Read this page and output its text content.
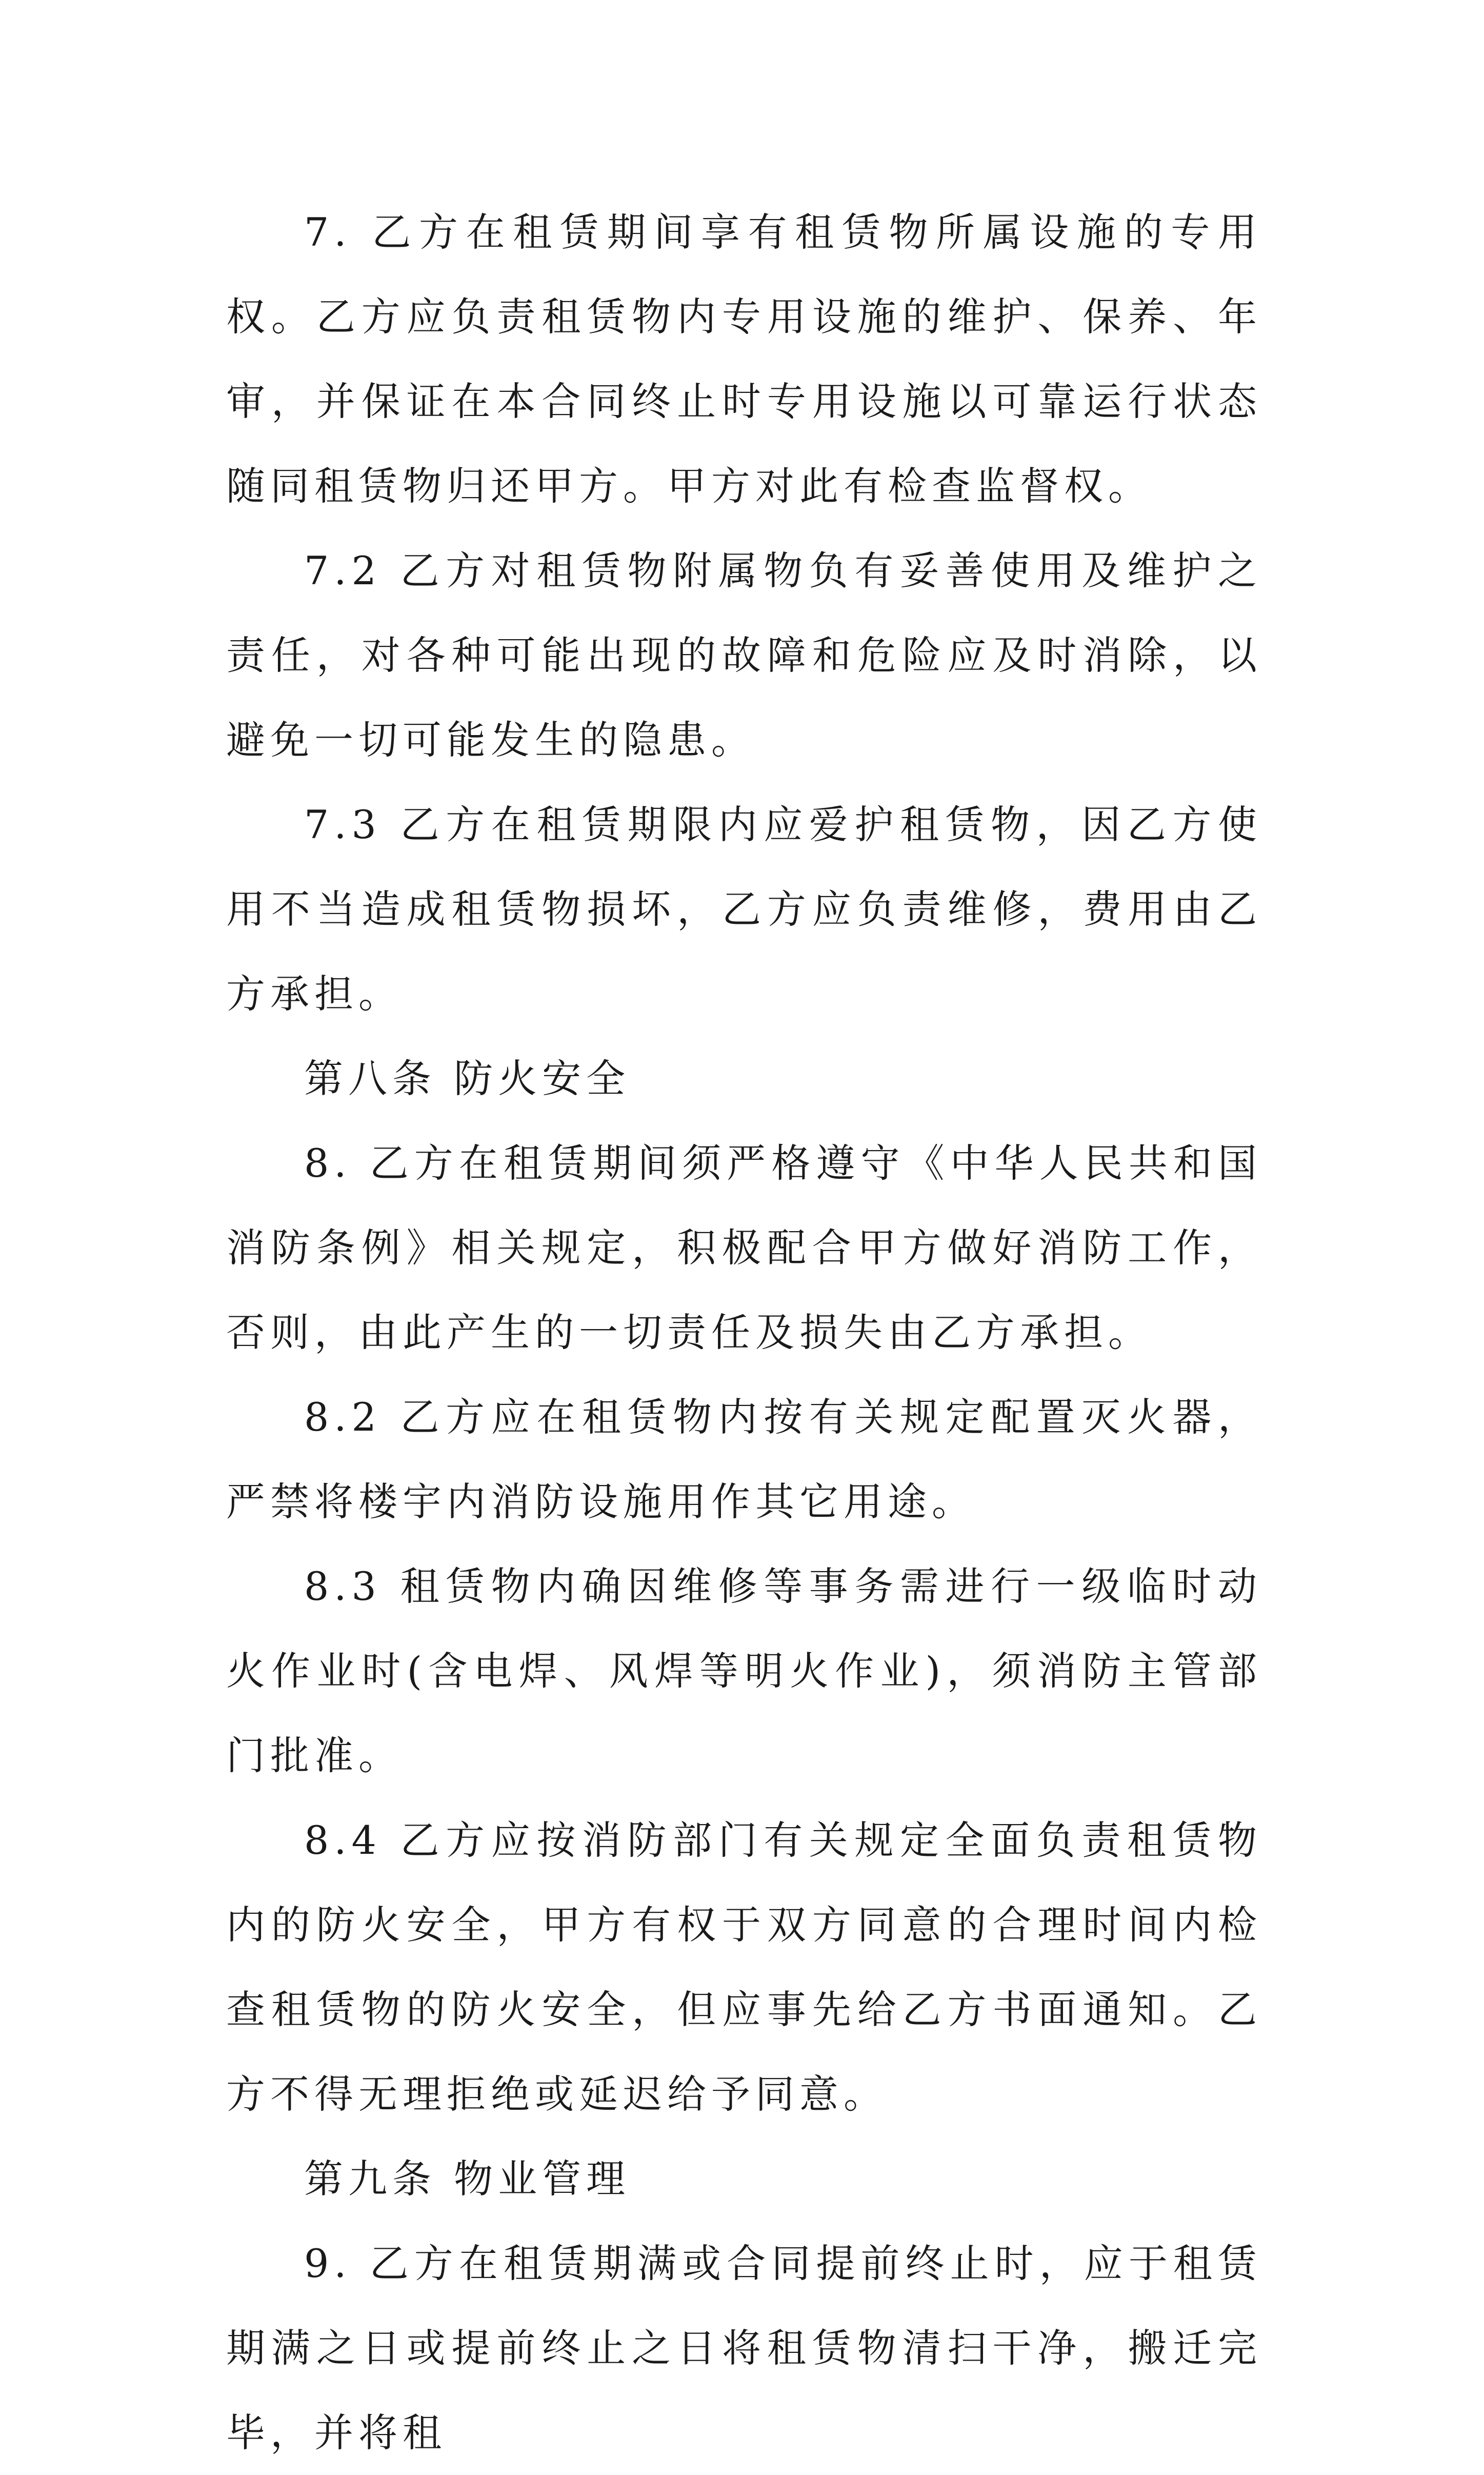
7. 乙方在租赁期间享有租赁物所属设施的专用权。乙方应负责租赁物内专用设施的维护、保养、年审，并保证在本合同终止时专用设施以可靠运行状态随同租赁物归还甲方。甲方对此有检查监督权。

7.2 乙方对租赁物附属物负有妥善使用及维护之责任，对各种可能出现的故障和危险应及时消除，以避免一切可能发生的隐患。

7.3 乙方在租赁期限内应爱护租赁物，因乙方使用不当造成租赁物损坏，乙方应负责维修，费用由乙方承担。

第八条 防火安全

8. 乙方在租赁期间须严格遵守《中华人民共和国消防条例》相关规定，积极配合甲方做好消防工作，否则，由此产生的一切责任及损失由乙方承担。

8.2 乙方应在租赁物内按有关规定配置灭火器，严禁将楼宇内消防设施用作其它用途。

8.3 租赁物内确因维修等事务需进行一级临时动火作业时(含电焊、风焊等明火作业)，须消防主管部门批准。

8.4 乙方应按消防部门有关规定全面负责租赁物内的防火安全，甲方有权于双方同意的合理时间内检查租赁物的防火安全，但应事先给乙方书面通知。乙方不得无理拒绝或延迟给予同意。

第九条 物业管理

9. 乙方在租赁期满或合同提前终止时，应于租赁期满之日或提前终止之日将租赁物清扫干净，搬迁完毕，并将租
